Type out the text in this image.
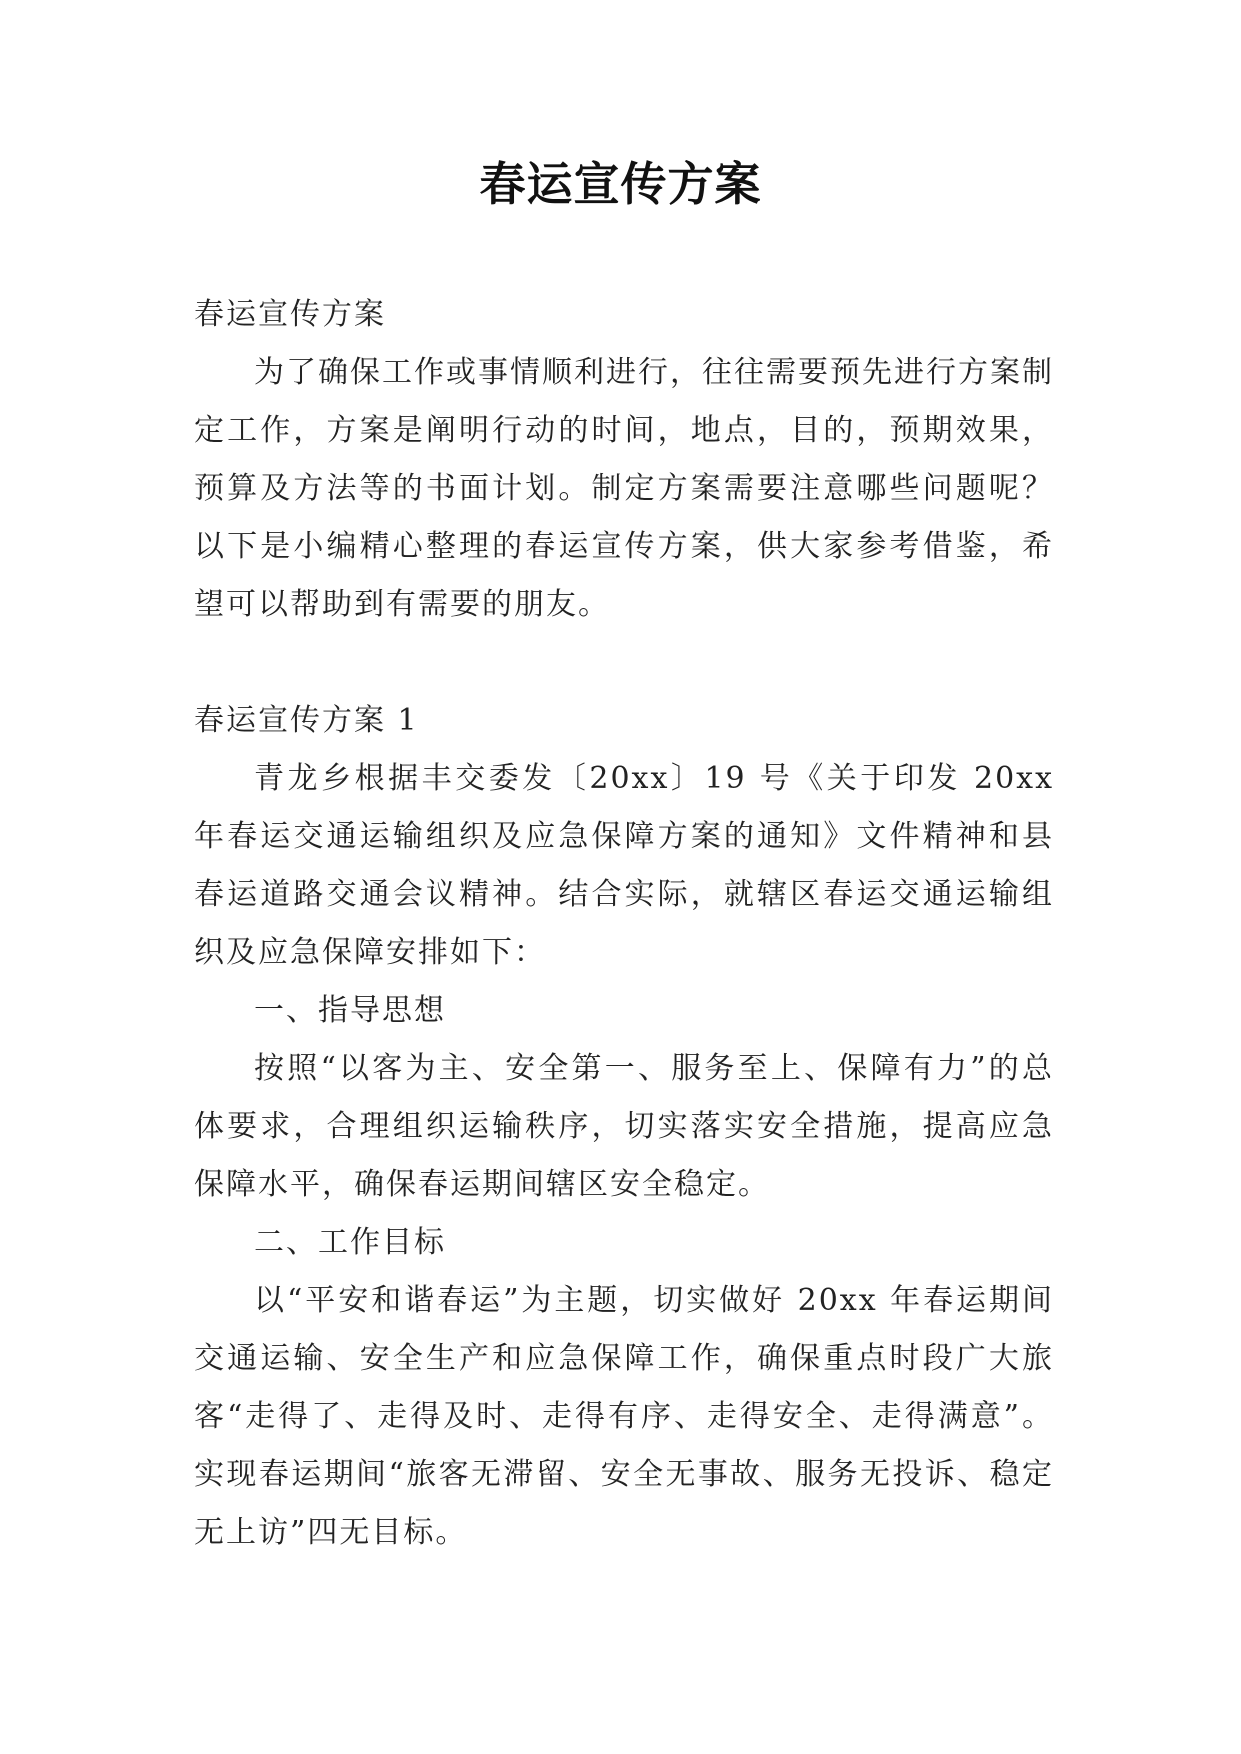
春运宣传方案

春运宣传方案

为了确保工作或事情顺利进行，往往需要预先进行方案制定工作，方案是阐明行动的时间，地点，目的，预期效果，预算及方法等的书面计划。制定方案需要注意哪些问题呢？以下是小编精心整理的春运宣传方案，供大家参考借鉴，希望可以帮助到有需要的朋友。

春运宣传方案 1

青龙乡根据丰交委发〔20xx〕19 号《关于印发 20xx 年春运交通运输组织及应急保障方案的通知》文件精神和县春运道路交通会议精神。结合实际，就辖区春运交通运输组织及应急保障安排如下：

一、指导思想

按照“以客为主、安全第一、服务至上、保障有力”的总体要求，合理组织运输秩序，切实落实安全措施，提高应急保障水平，确保春运期间辖区安全稳定。

二、工作目标

以“平安和谐春运”为主题，切实做好 20xx 年春运期间交通运输、安全生产和应急保障工作，确保重点时段广大旅客“走得了、走得及时、走得有序、走得安全、走得满意”。实现春运期间“旅客无滞留、安全无事故、服务无投诉、稳定无上访”四无目标。
